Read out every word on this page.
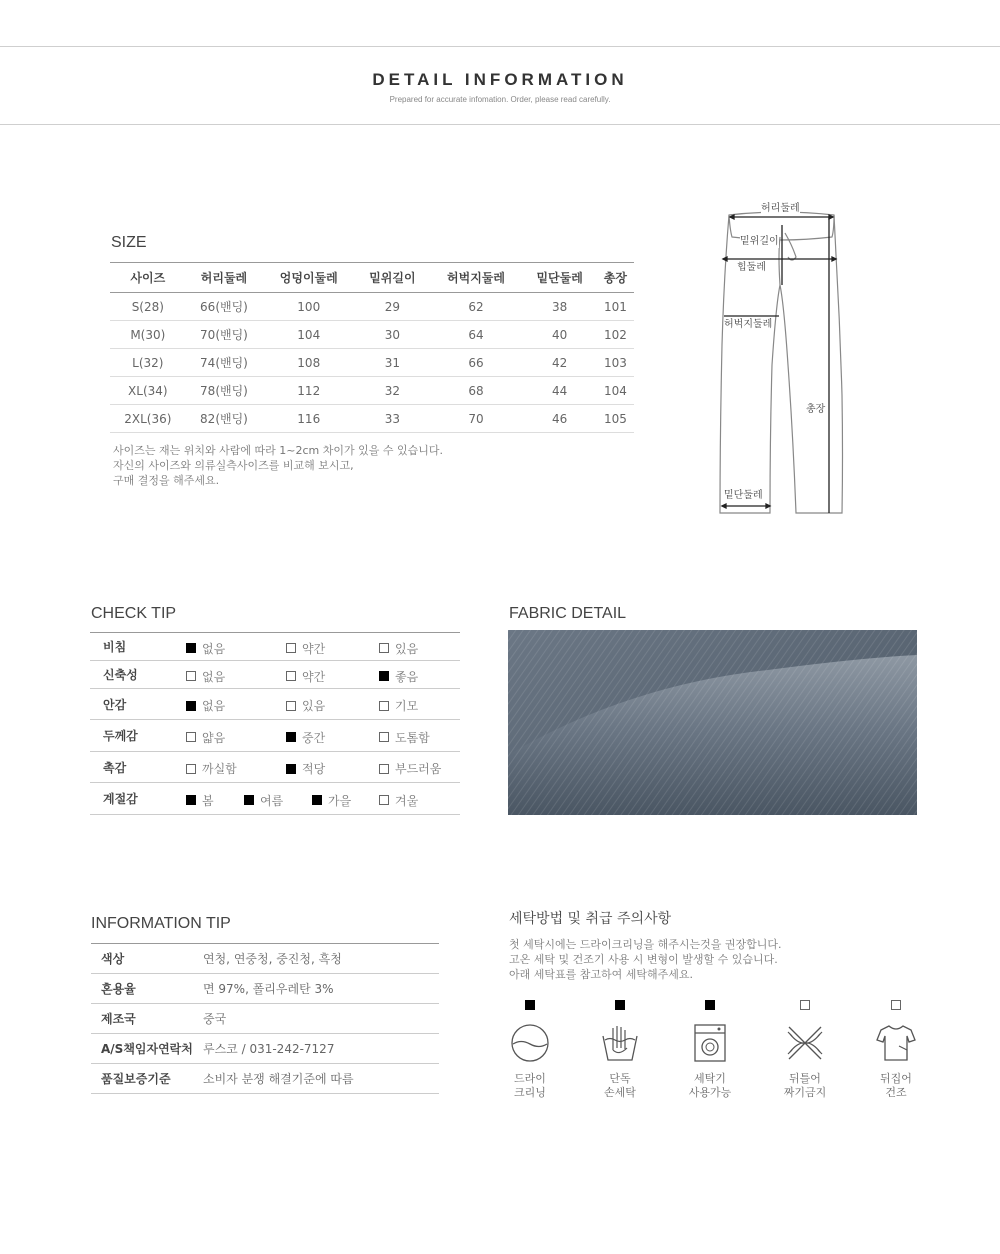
DETAIL INFORMATION
Prepared for accurate infomation. Order, please read carefully.
SIZE
사이즈	허리둘레	엉덩이둘레	밑위길이	허벅지둘레	밑단둘레	총장
S(28)	66(밴딩)	100	29	62	38	101
M(30)	70(밴딩)	104	30	64	40	102
L(32)	74(밴딩)	108	31	66	42	103
XL(34)	78(밴딩)	112	32	68	44	104
2XL(36)	82(밴딩)	116	33	70	46	105
사이즈는 재는 위치와 사람에 따라 1~2cm 차이가 있을 수 있습니다.
자신의 사이즈와 의류실측사이즈를 비교해 보시고,
구매 결정을 해주세요.
허리둘레
밑위길이
힙둘레
허벅지둘레
총장
밑단둘레
CHECK TIP
비침	없음 약간 있음

신축성	없음 약간 좋음

안감	없음 있음 기모

두께감	얇음 중간 도톰함

촉감	까실함 적당 부드러움

계절감	봄 여름 가을 겨울
FABRIC DETAIL
INFORMATION TIP
색상	연청, 연중청, 중진청, 흑청
혼용율	면 97%, 폴리우레탄 3%
제조국	중국
A/S책임자연락처	루스코 / 031-242-7127
품질보증기준	소비자 분쟁 해결기준에 따름
세탁방법 및 취급 주의사항
첫 세탁시에는 드라이크리닝을 해주시는것을 권장합니다.
고온 세탁 및 건조기 사용 시 변형이 발생할 수 있습니다.
아래 세탁표를 참고하여 세탁해주세요.
드라이
크리닝
단독
손세탁
세탁기
사용가능
뒤틀어
짜기금지
뒤집어
건조
